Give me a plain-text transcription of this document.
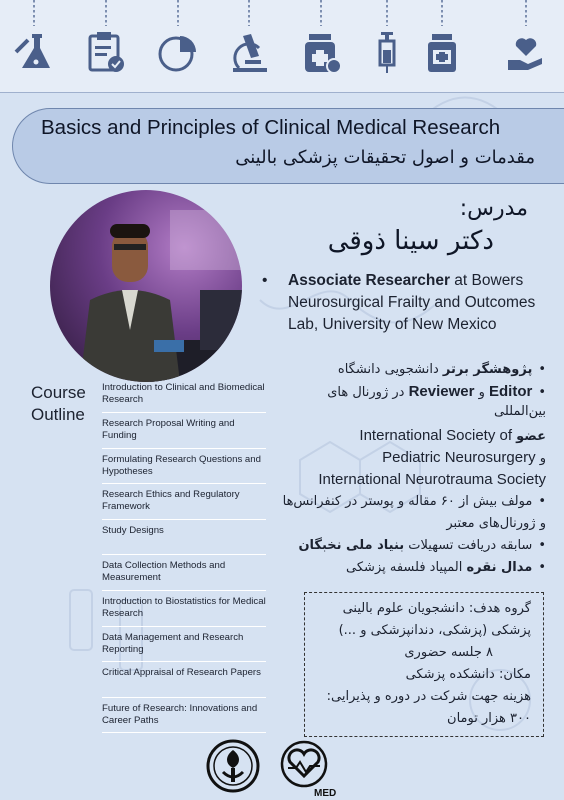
Basics and Principles of Clinical Medical Research
مقدمات و اصول تحقیقات پزشکی بالینی
مدرس:
دکتر سینا ذوقی
• Associate Researcher at Bowers Neurosurgical Frailty and Outcomes Lab, University of New Mexico
•پژوهشگر برتر دانشجویی دانشگاه
•Editor و Reviewer در ژورنال های
بین‌المللی
عضو International Society of
و Pediatric Neurosurgery
International Neurotrauma Society
•مولف بیش از ۶۰ مقاله و پوستر در کنفرانس‌ها
و ژورنال‌های معتبر
•سابقه دریافت تسهیلات بنیاد ملی نخبگان
•مدال نقره المپیاد فلسفه پزشکی
Course
Outline
Introduction to Clinical and Biomedical Research
Research Proposal Writing and Funding
Formulating Research Questions and Hypotheses
Research Ethics and Regulatory Framework
Study Designs
Data Collection Methods and Measurement
Introduction to Biostatistics for Medical Research
Data Management and Research Reporting
Critical Appraisal of Research Papers
Future of Research: Innovations and Career Paths
گروه هدف: دانشجویان علوم بالینی
پزشکی (پزشکی، دندانپزشکی و ...)
۸ جلسه حضوری
مکان: دانشکده پزشکی
هزینه جهت شرکت در دوره و پذیرایی:
۳۰۰ هزار تومان
MED
